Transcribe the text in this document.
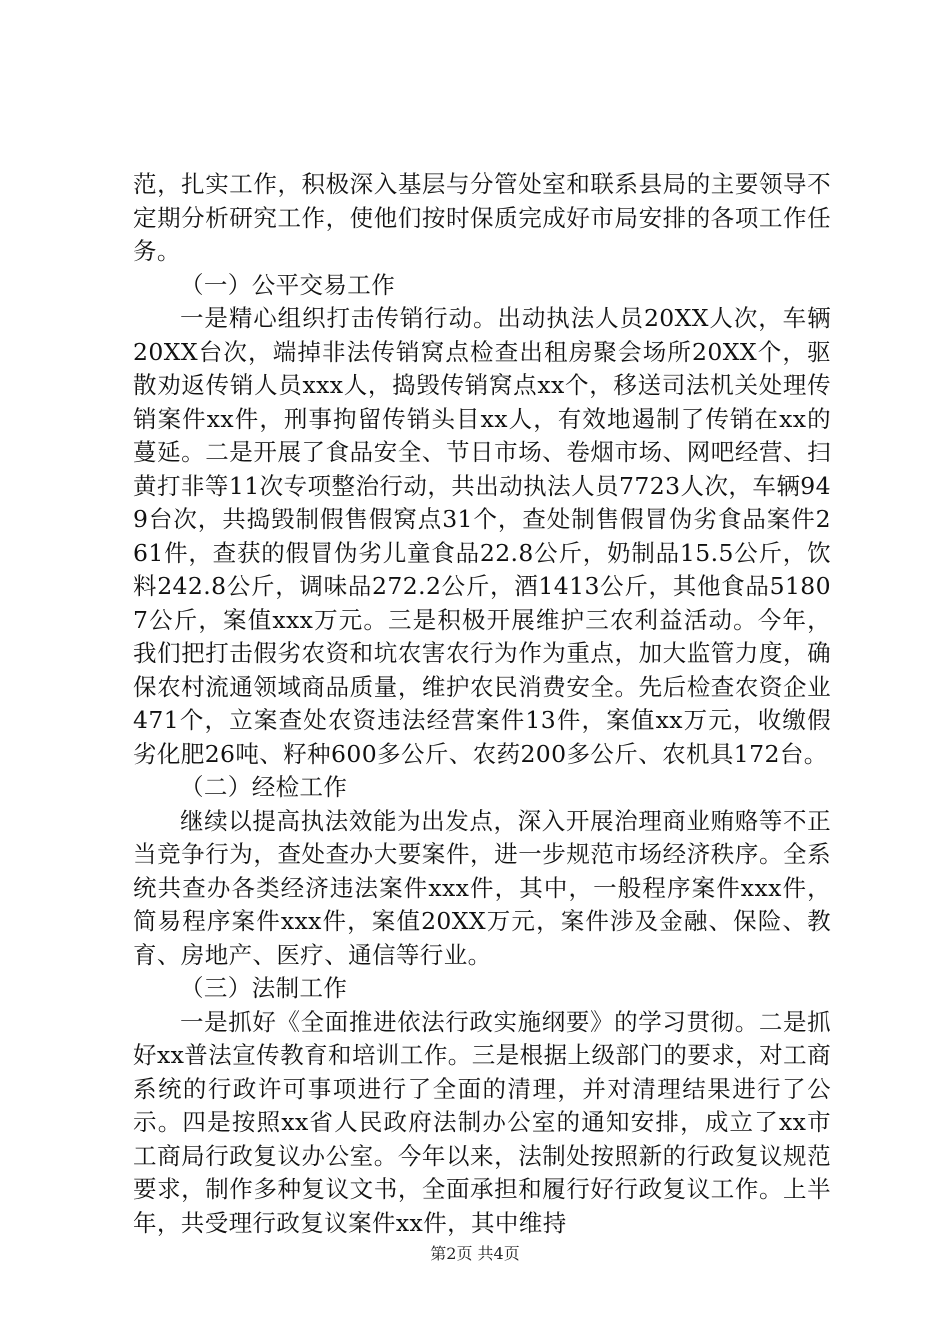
范，扎实工作，积极深入基层与分管处室和联系县局的主要领导不定期分析研究工作，使他们按时保质完成好市局安排的各项工作任务。

（一）公平交易工作

一是精心组织打击传销行动。出动执法人员20XX人次，车辆20XX台次，端掉非法传销窝点检查出租房聚会场所20XX个，驱散劝返传销人员xxx人，捣毁传销窝点xx个，移送司法机关处理传销案件xx件，刑事拘留传销头目xx人，有效地遏制了传销在xx的蔓延。二是开展了食品安全、节日市场、卷烟市场、网吧经营、扫黄打非等11次专项整治行动，共出动执法人员7723人次，车辆949台次，共捣毁制假售假窝点31个，查处制售假冒伪劣食品案件261件，查获的假冒伪劣儿童食品22.8公斤，奶制品15.5公斤，饮料242.8公斤，调味品272.2公斤，酒1413公斤，其他食品51807公斤，案值xxx万元。三是积极开展维护三农利益活动。今年，我们把打击假劣农资和坑农害农行为作为重点，加大监管力度，确保农村流通领域商品质量，维护农民消费安全。先后检查农资企业471个，立案查处农资违法经营案件13件，案值xx万元，收缴假劣化肥26吨、籽种600多公斤、农药200多公斤、农机具172台。

（二）经检工作

继续以提高执法效能为出发点，深入开展治理商业贿赂等不正当竞争行为，查处查办大要案件，进一步规范市场经济秩序。全系统共查办各类经济违法案件xxx件，其中，一般程序案件xxx件，简易程序案件xxx件，案值20XX万元，案件涉及金融、保险、教育、房地产、医疗、通信等行业。

（三）法制工作

一是抓好《全面推进依法行政实施纲要》的学习贯彻。二是抓好xx普法宣传教育和培训工作。三是根据上级部门的要求，对工商系统的行政许可事项进行了全面的清理，并对清理结果进行了公示。四是按照xx省人民政府法制办公室的通知安排，成立了xx市工商局行政复议办公室。今年以来，法制处按照新的行政复议规范要求，制作多种复议文书，全面承担和履行好行政复议工作。上半年，共受理行政复议案件xx件，其中维持

第2页 共4页
